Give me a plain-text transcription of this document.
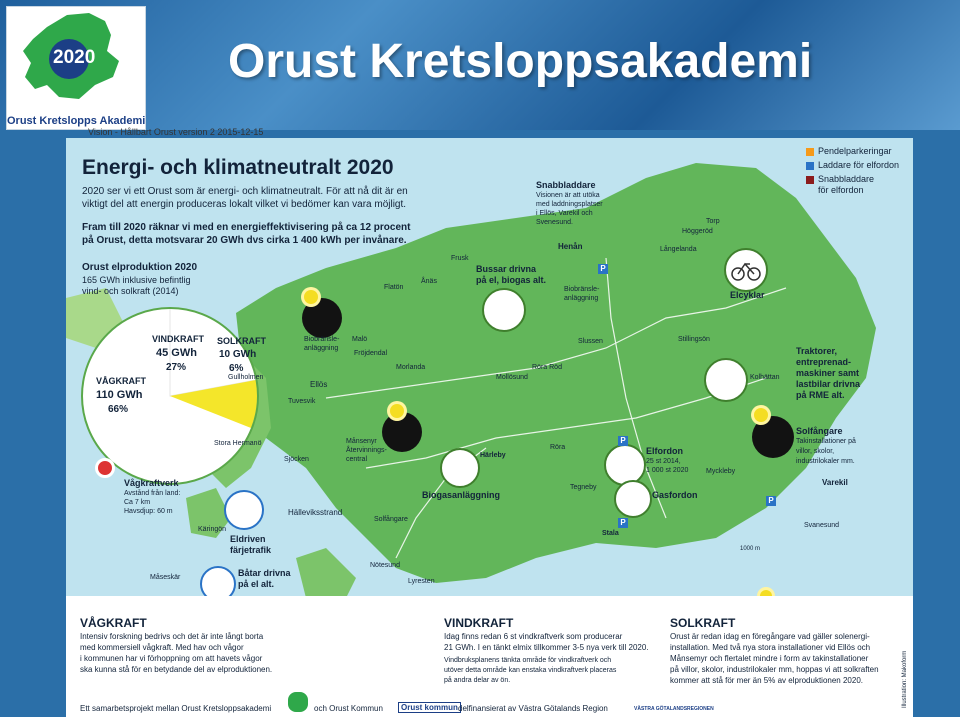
2020
Orust Kretslopps Akademi
Orust Kretsloppsakademi
Vision - Hållbart Orust version 2 2015-12-15
Energi- och klimatneutralt 2020
2020 ser vi ett Orust som är energi- och klimatneutralt. För att nå dit är en
viktigt del att energin produceras lokalt vilket vi bedömer kan vara möjligt.
Fram till 2020 räknar vi med en energieffektivisering på ca 12 procent
på Orust, detta motsvarar 20 GWh dvs cirka 1 400 kWh per invånare.
Orust elproduktion 2020
165 GWh inklusive befintlig
vind- och solkraft (2014)
VINDKRAFT
45 GWh
27%
SOLKRAFT
10 GWh
6%
VÅGKRAFT
110 GWh
66%
Pendelparkeringar
Laddare för elfordon
Snabbladdare
för elfordon
Snabbladdare
Visionen är att utöka
med laddningsplatser
i Ellös, Varekil och
Svenesund.
Bussar drivna
på el, biogas alt.
Elcyklar
Traktorer,
entreprenad-
maskiner samt
lastbilar drivna
på RME alt.
Solfångare
Takinstallationer på
villor, skolor,
industrilokaler mm.
Elfordon
25 st 2014,
1 000 st 2020
Gasfordon
Biogasanläggning
Månsenyr
Återvinnings-
central
Biobränsle-
anläggning
Biobränsle-
anläggning
Vågkraftverk
Avstånd från land:
Ca 7 km
Havsdjup: 60 m
Eldriven
färjetrafik
Båtar drivna
på el alt.
Höggeröd
Henån
Frusk
Flatön
Ånäs
Malö
Fröjdendal
Morlanda
Ellös
Gullholmen
Tuvesvik
Stora Hermanö
Sjöcken
Hälleviksstrand
Käringön
Måseskär
Nötesund
Lyresten
Mollösund
Röra Röd
Röra
Härleby
Tegneby
Stala
Varekil
Svanesund
Kolhättan
Stillingsön
Myckleby
Långelanda
Torp
Slussen
Solfångare
1000 m
P
P
P
P
VÅGKRAFT
Intensiv forskning bedrivs och det är inte långt borta
med kommersiell vågkraft. Med hav och vågor
i kommunen har vi förhoppning om att havets vågor
ska kunna stå för en betydande del av elproduktionen.
VINDKRAFT
Idag finns redan 6 st vindkraftverk som producerar
21 GWh. I en tänkt elmix tillkommer 3-5 nya verk till 2020.
Vindbruksplanens tänkta område för vindkraftverk och
utöver detta område kan enstaka vindkraftverk placeras
på andra delar av ön.
SOLKRAFT
Orust är redan idag en föregångare vad gäller solenergi-
installation. Med två nya stora installationer vid Ellös och
Månsemyr och flertalet mindre i form av takinstallationer
på villor, skolor, industrilokaler mm, hoppas vi att solkraften
kommer att stå för mer än 5% av elproduktionen 2020.
Ett samarbetsprojekt mellan Orust Kretsloppsakademi	och Orust Kommun	Orust kommun delfinansierat av Västra Götalands Region	VÄSTRA GÖTALANDSREGIONEN
Illustration: Makoform
